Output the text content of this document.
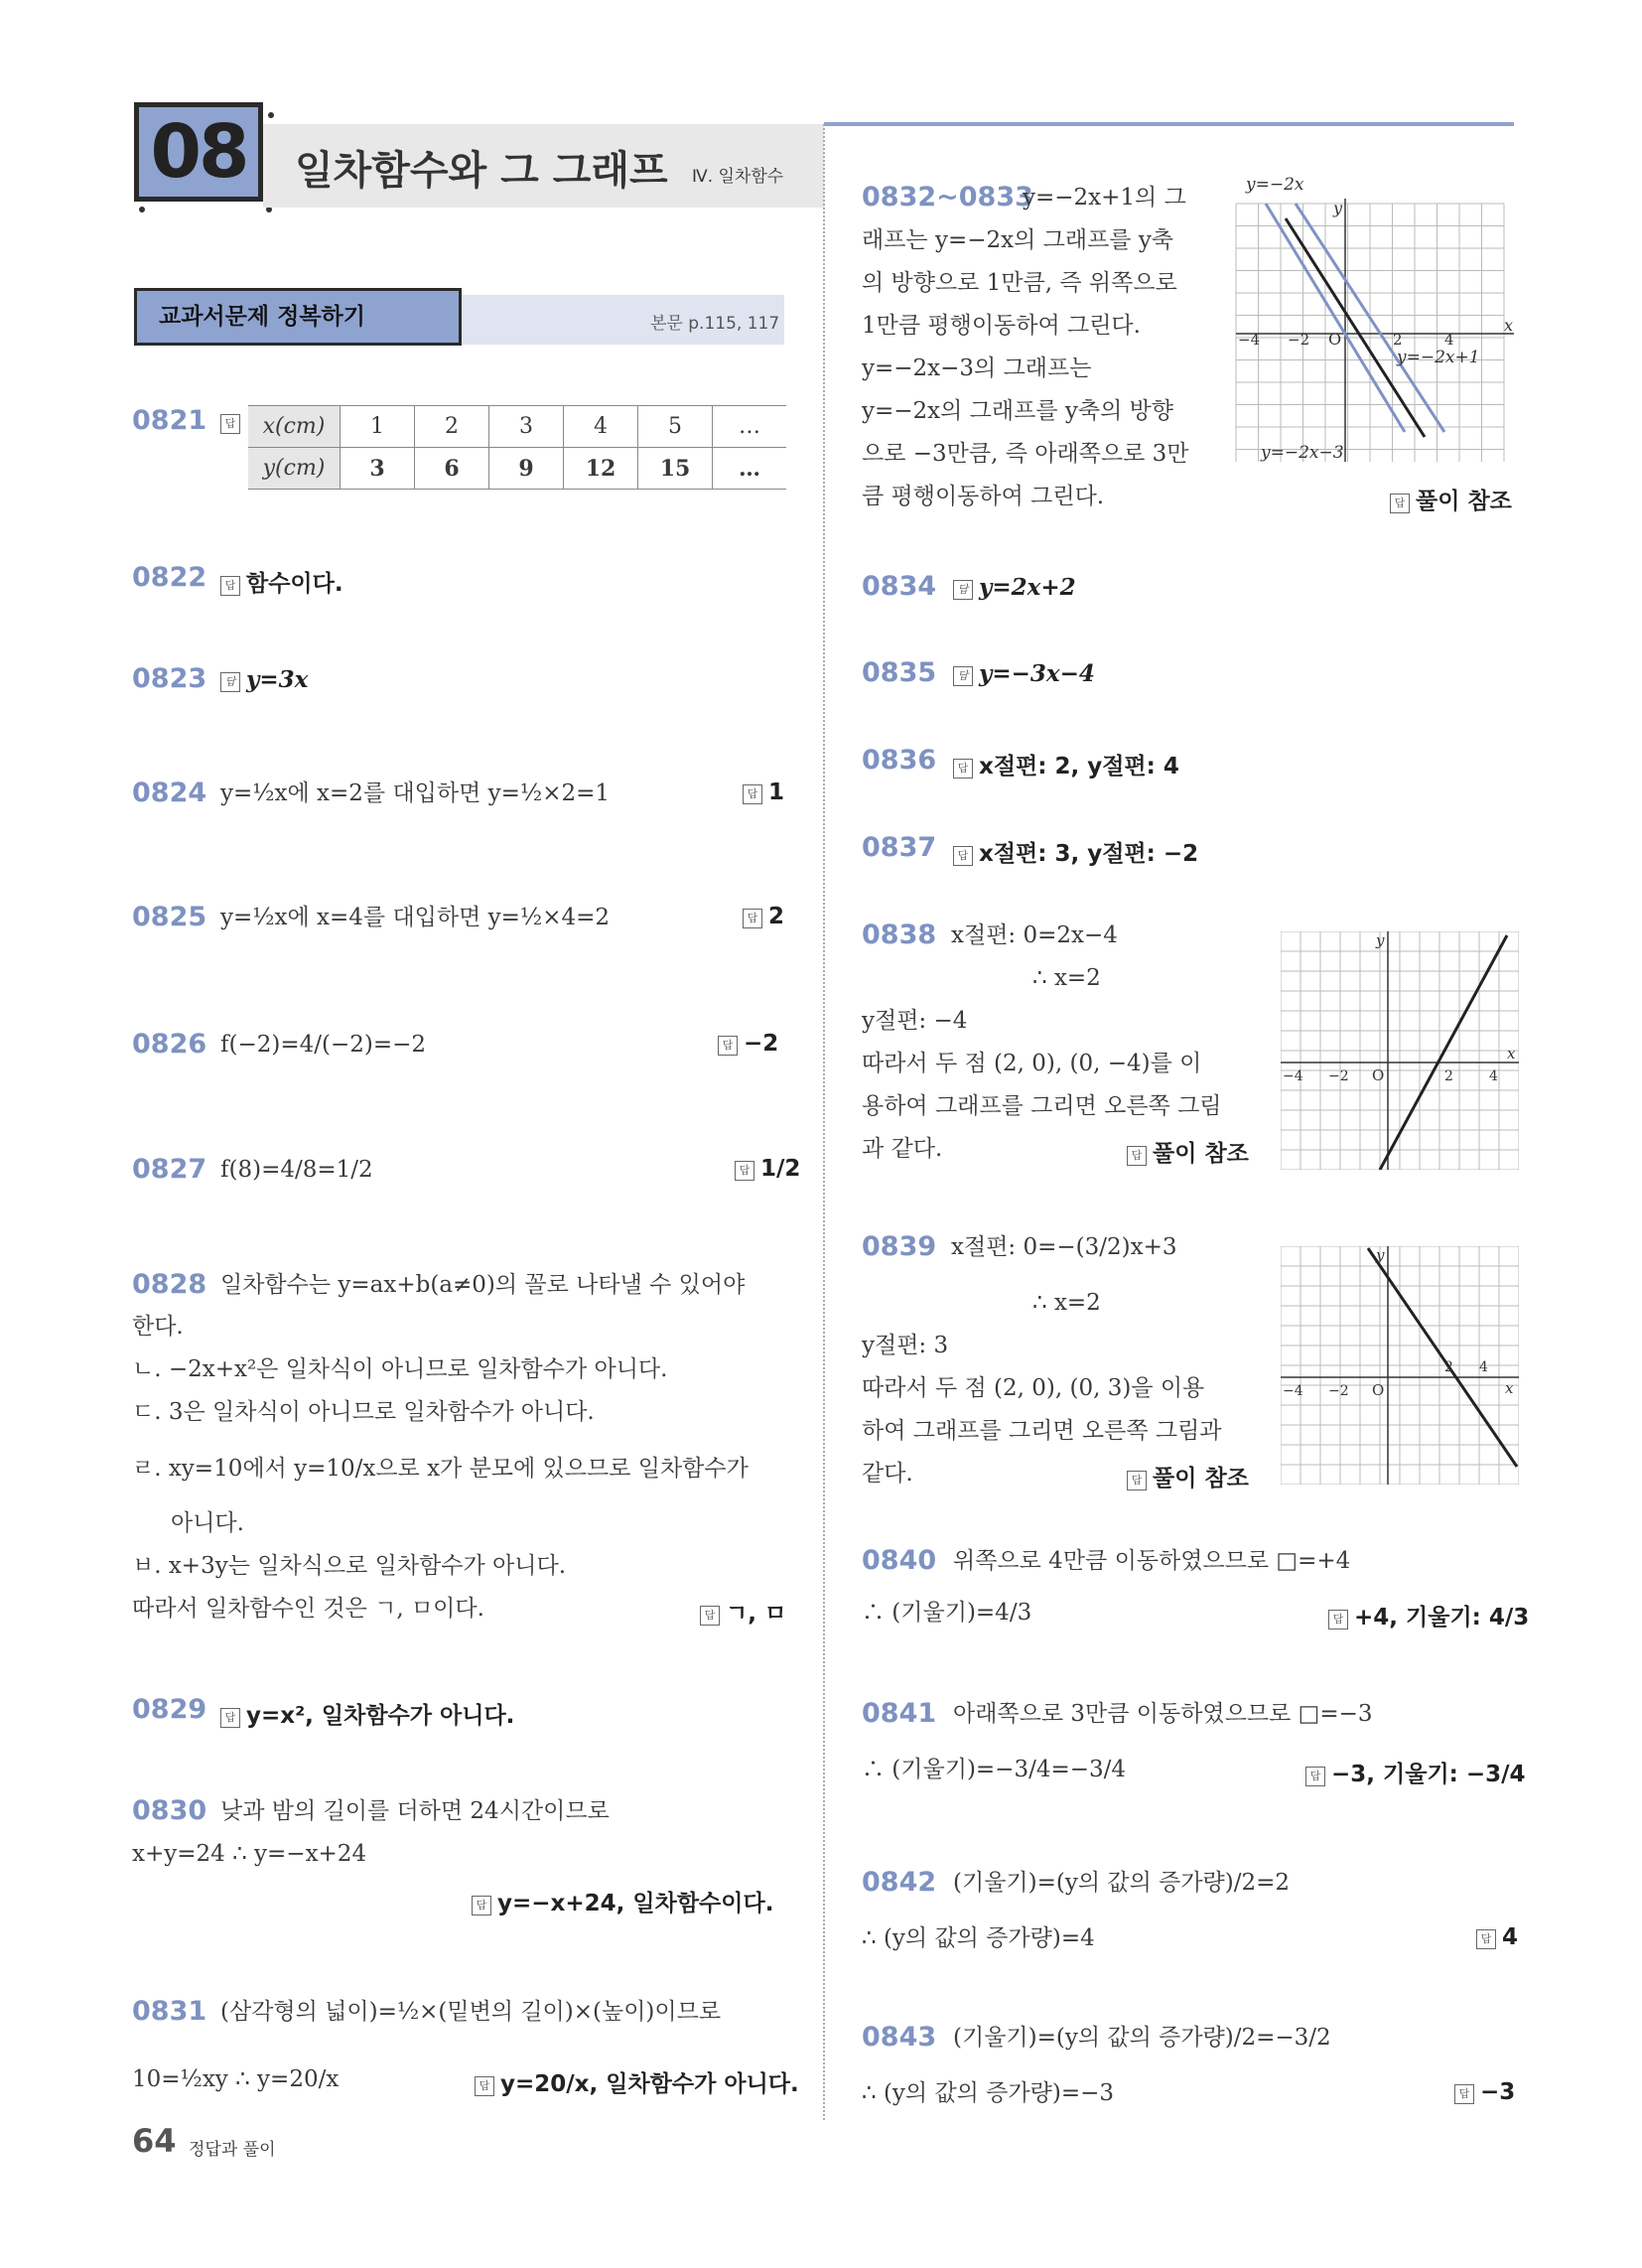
08 일차함수와 그 그래프 Ⅳ. 일차함수
교과서문제 정복하기	본문 p.115, 117
0821	답	x(cm)	1	2	3	4	5	…
y(cm)	3	6	9	12	15	…
0822	답 함수이다.
0823	답 y=3x
0824 y=½x에 x=2를 대입하면 y=½×2=1	답 1
0825 y=½x에 x=4를 대입하면 y=½×4=2	답 2
0826 f(−2)=4/(−2)=−2	답 −2
0827 f(8)=4/8=1/2	답 1/2
0828 일차함수는 y=ax+b(a≠0)의 꼴로 나타낼 수 있어야
한다.
ㄴ. −2x+x²은 일차식이 아니므로 일차함수가 아니다.
ㄷ. 3은 일차식이 아니므로 일차함수가 아니다.
ㄹ. xy=10에서 y=10/x으로 x가 분모에 있으므로 일차함수가
아니다.
ㅂ. x+3y는 일차식으로 일차함수가 아니다.
따라서 일차함수인 것은 ㄱ, ㅁ이다.	답 ㄱ, ㅁ
0829	답 y=x², 일차함수가 아니다.
0830 낮과 밤의 길이를 더하면 24시간이므로
x+y=24 ∴ y=−x+24
답 y=−x+24, 일차함수이다.
0831 (삼각형의 넓이)=½×(밑변의 길이)×(높이)이므로
10=½xy ∴ y=20/x	답 y=20/x, 일차함수가 아니다.
0832~0833
y=−2x+1의 그
래프는 y=−2x의 그래프를 y축
의 방향으로 1만큼, 즉 위쪽으로
1만큼 평행이동하여 그린다.
y=−2x−3의 그래프는
y=−2x의 그래프를 y축의 방향
으로 −3만큼, 즉 아래쪽으로 3만
큼 평행이동하여 그린다.	답 풀이 참조
y=−2x
y=−2x+1
y=−2x−3
O
x
y
−4 −2	2	4
0834	답 y=2x+2
0835	답 y=−3x−4
0836	답 x절편: 2, y절편: 4
0837	답 x절편: 3, y절편: −2
0838 x절편: 0=2x−4
∴ x=2
y절편: −4
따라서 두 점 (2, 0), (0, −4)를 이
용하여 그래프를 그리면 오른쪽 그림
과 같다.	답 풀이 참조
O
x
y
−4 −2	2	4
0839 x절편: 0=−(3/2)x+3
∴ x=2
y절편: 3
따라서 두 점 (2, 0), (0, 3)을 이용
하여 그래프를 그리면 오른쪽 그림과
같다.	답 풀이 참조
O	x
y
−4 −2
2 4
0840 위쪽으로 4만큼 이동하였으므로 □=+4
∴ (기울기)=4/3	답 +4, 기울기: 4/3
0841 아래쪽으로 3만큼 이동하였으므로 □=−3
∴ (기울기)=−3/4=−3/4	답 −3, 기울기: −3/4
0842 (기울기)=(y의 값의 증가량)/2=2
∴ (y의 값의 증가량)=4	답 4
0843 (기울기)=(y의 값의 증가량)/2=−3/2
∴ (y의 값의 증가량)=−3	답 −3
64 정답과 풀이
